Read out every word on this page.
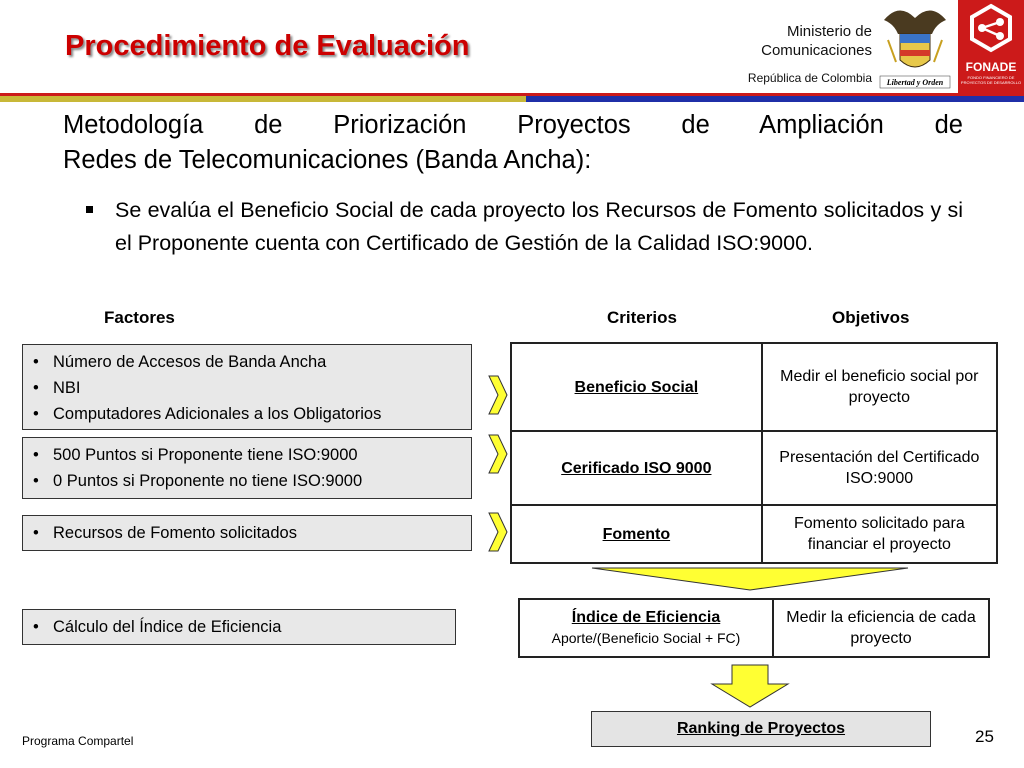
Procedimiento de Evaluación	Ministerio de
Comunicaciones
República de Colombia Libertad y Orden
FONADE
FONDO FINANCIERO DE PROYECTOS DE DESARROLLO
Metodología de Priorización Proyectos de Ampliación de
Redes de Telecomunicaciones (Banda Ancha):
Se evalúa el Beneficio Social de cada proyecto los Recursos de Fomento solicitados y si el Proponente cuenta con Certificado de Gestión de la Calidad ISO:9000.
Factores	Criterios	Objetivos
• Número de Accesos de Banda Ancha
• NBI
• Computadores Adicionales a los Obligatorios
• 500 Puntos si Proponente tiene ISO:9000
• 0 Puntos si Proponente no tiene ISO:9000
• Recursos de Fomento solicitados
• Cálculo del Índice de Eficiencia
Beneficio Social	Medir el beneficio social por proyecto
Cerificado ISO 9000	Presentación del Certificado ISO:9000
Fomento	Fomento solicitado para financiar el proyecto
Índice de Eficiencia
Aporte/(Beneficio Social + FC)
	Medir la eficiencia de cada proyecto
Ranking de Proyectos
Programa Compartel	25
